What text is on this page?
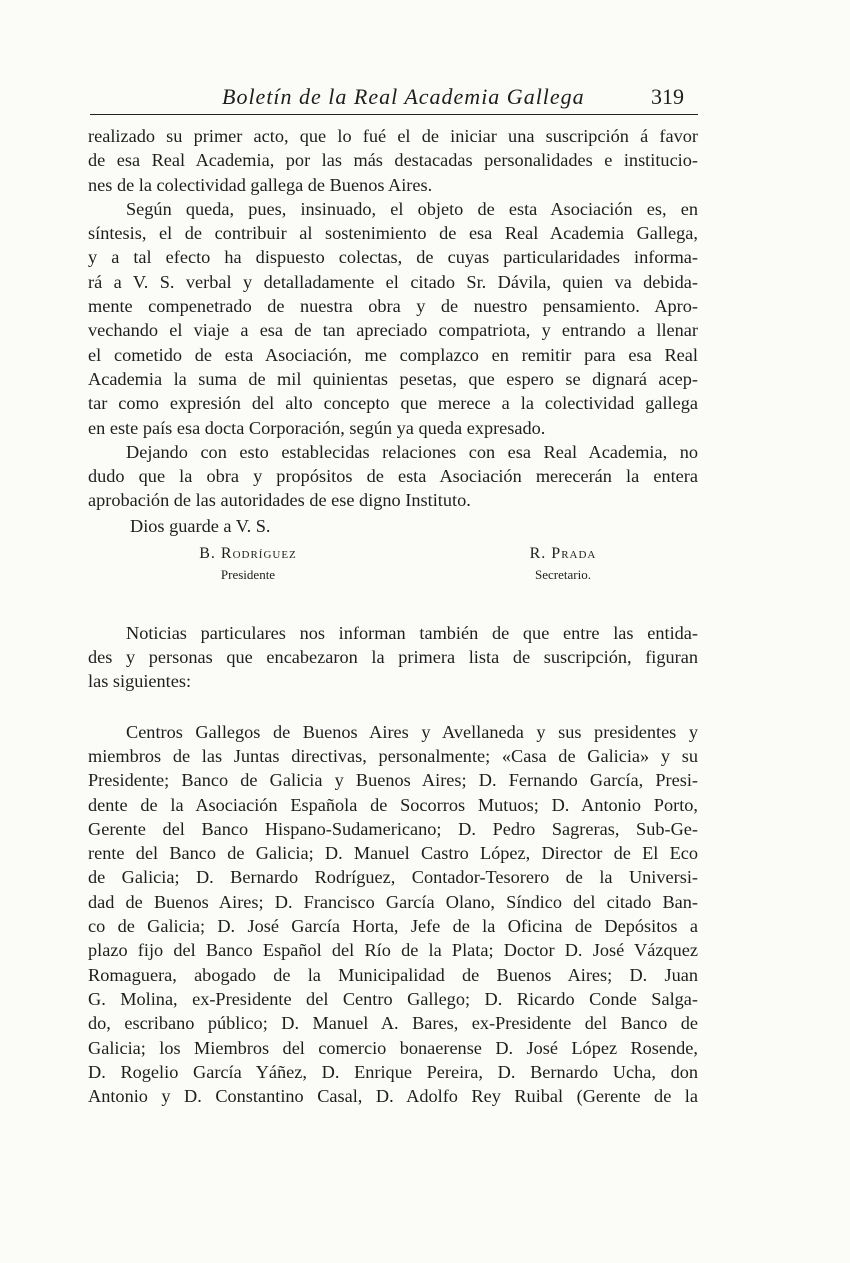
Boletín de la Real Academia Gallega	319
realizado su primer acto, que lo fué el de iniciar una suscripción á favor
de esa Real Academia, por las más destacadas personalidades e institucio-
nes de la colectividad gallega de Buenos Aires.
Según queda, pues, insinuado, el objeto de esta Asociación es, en
síntesis, el de contribuir al sostenimiento de esa Real Academia Gallega,
y a tal efecto ha dispuesto colectas, de cuyas particularidades informa-
rá a V. S. verbal y detalladamente el citado Sr. Dávila, quien va debida-
mente compenetrado de nuestra obra y de nuestro pensamiento. Apro-
vechando el viaje a esa de tan apreciado compatriota, y entrando a llenar
el cometido de esta Asociación, me complazco en remitir para esa Real
Academia la suma de mil quinientas pesetas, que espero se dignará acep-
tar como expresión del alto concepto que merece a la colectividad gallega
en este país esa docta Corporación, según ya queda expresado.
Dejando con esto establecidas relaciones con esa Real Academia, no
dudo que la obra y propósitos de esta Asociación merecerán la entera
aprobación de las autoridades de ese digno Instituto.
Dios guarde a V. S.
B. Rodríguez
Presidente
R. Prada
Secretario.
Noticias particulares nos informan también de que entre las entida-
des y personas que encabezaron la primera lista de suscripción, figuran
las siguientes:
Centros Gallegos de Buenos Aires y Avellaneda y sus presidentes y
miembros de las Juntas directivas, personalmente; «Casa de Galicia» y su
Presidente; Banco de Galicia y Buenos Aires; D. Fernando García, Presi-
dente de la Asociación Española de Socorros Mutuos; D. Antonio Porto,
Gerente del Banco Hispano-Sudamericano; D. Pedro Sagreras, Sub-Ge-
rente del Banco de Galicia; D. Manuel Castro López, Director de El Eco
de Galicia; D. Bernardo Rodríguez, Contador-Tesorero de la Universi-
dad de Buenos Aires; D. Francisco García Olano, Síndico del citado Ban-
co de Galicia; D. José García Horta, Jefe de la Oficina de Depósitos a
plazo fijo del Banco Español del Río de la Plata; Doctor D. José Vázquez
Romaguera, abogado de la Municipalidad de Buenos Aires; D. Juan
G. Molina, ex-Presidente del Centro Gallego; D. Ricardo Conde Salga-
do, escribano público; D. Manuel A. Bares, ex-Presidente del Banco de
Galicia; los Miembros del comercio bonaerense D. José López Rosende,
D. Rogelio García Yáñez, D. Enrique Pereira, D. Bernardo Ucha, don
Antonio y D. Constantino Casal, D. Adolfo Rey Ruibal (Gerente de la
